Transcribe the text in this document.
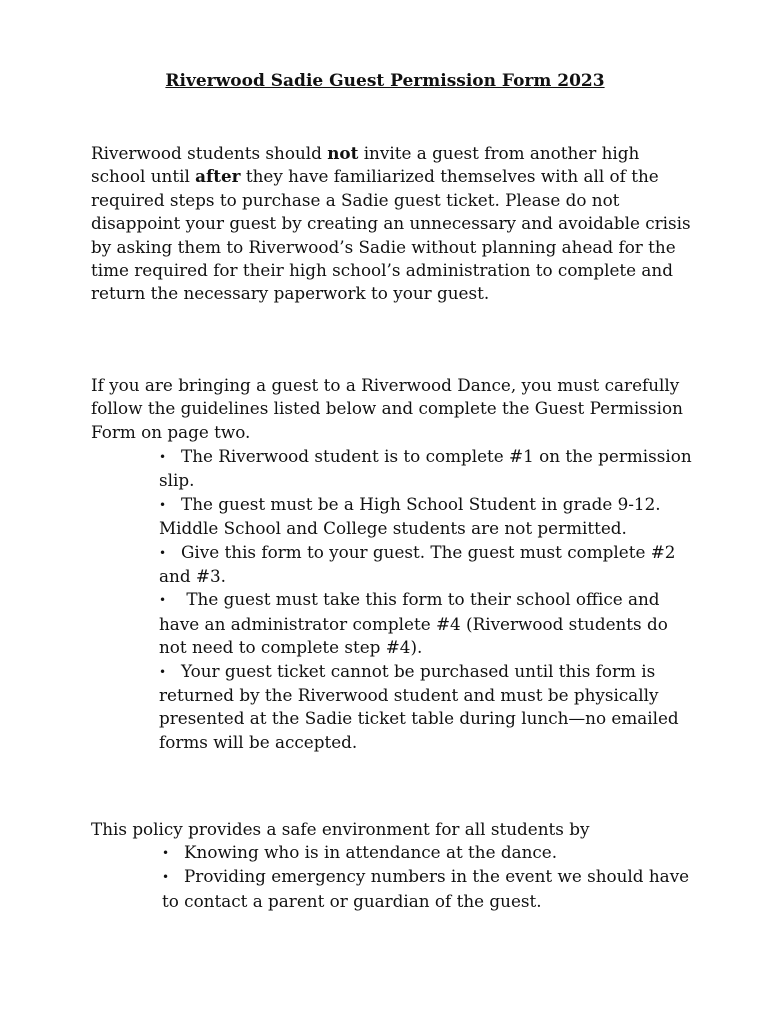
Riverwood Sadie Guest Permission Form 2023

Riverwood students should not invite a guest from another high school until after they have familiarized themselves with all of the required steps to purchase a Sadie guest ticket. Please do not disappoint your guest by creating an unnecessary and avoidable crisis by asking them to Riverwood’s Sadie without planning ahead for the time required for their high school’s administration to complete and return the necessary paperwork to your guest.

If you are bringing a guest to a Riverwood Dance, you must carefully follow the guidelines listed below and complete the Guest Permission Form on page two.

• The Riverwood student is to complete #1 on the permission slip.
• The guest must be a High School Student in grade 9-12. Middle School and College students are not permitted.
• Give this form to your guest. The guest must complete #2 and #3.
• The guest must take this form to their school office and have an administrator complete #4 (Riverwood students do not need to complete step #4).
• Your guest ticket cannot be purchased until this form is returned by the Riverwood student and must be physically presented at the Sadie ticket table during lunch—no emailed forms will be accepted.

This policy provides a safe environment for all students by

• Knowing who is in attendance at the dance.
• Providing emergency numbers in the event we should have to contact a parent or guardian of the guest.
